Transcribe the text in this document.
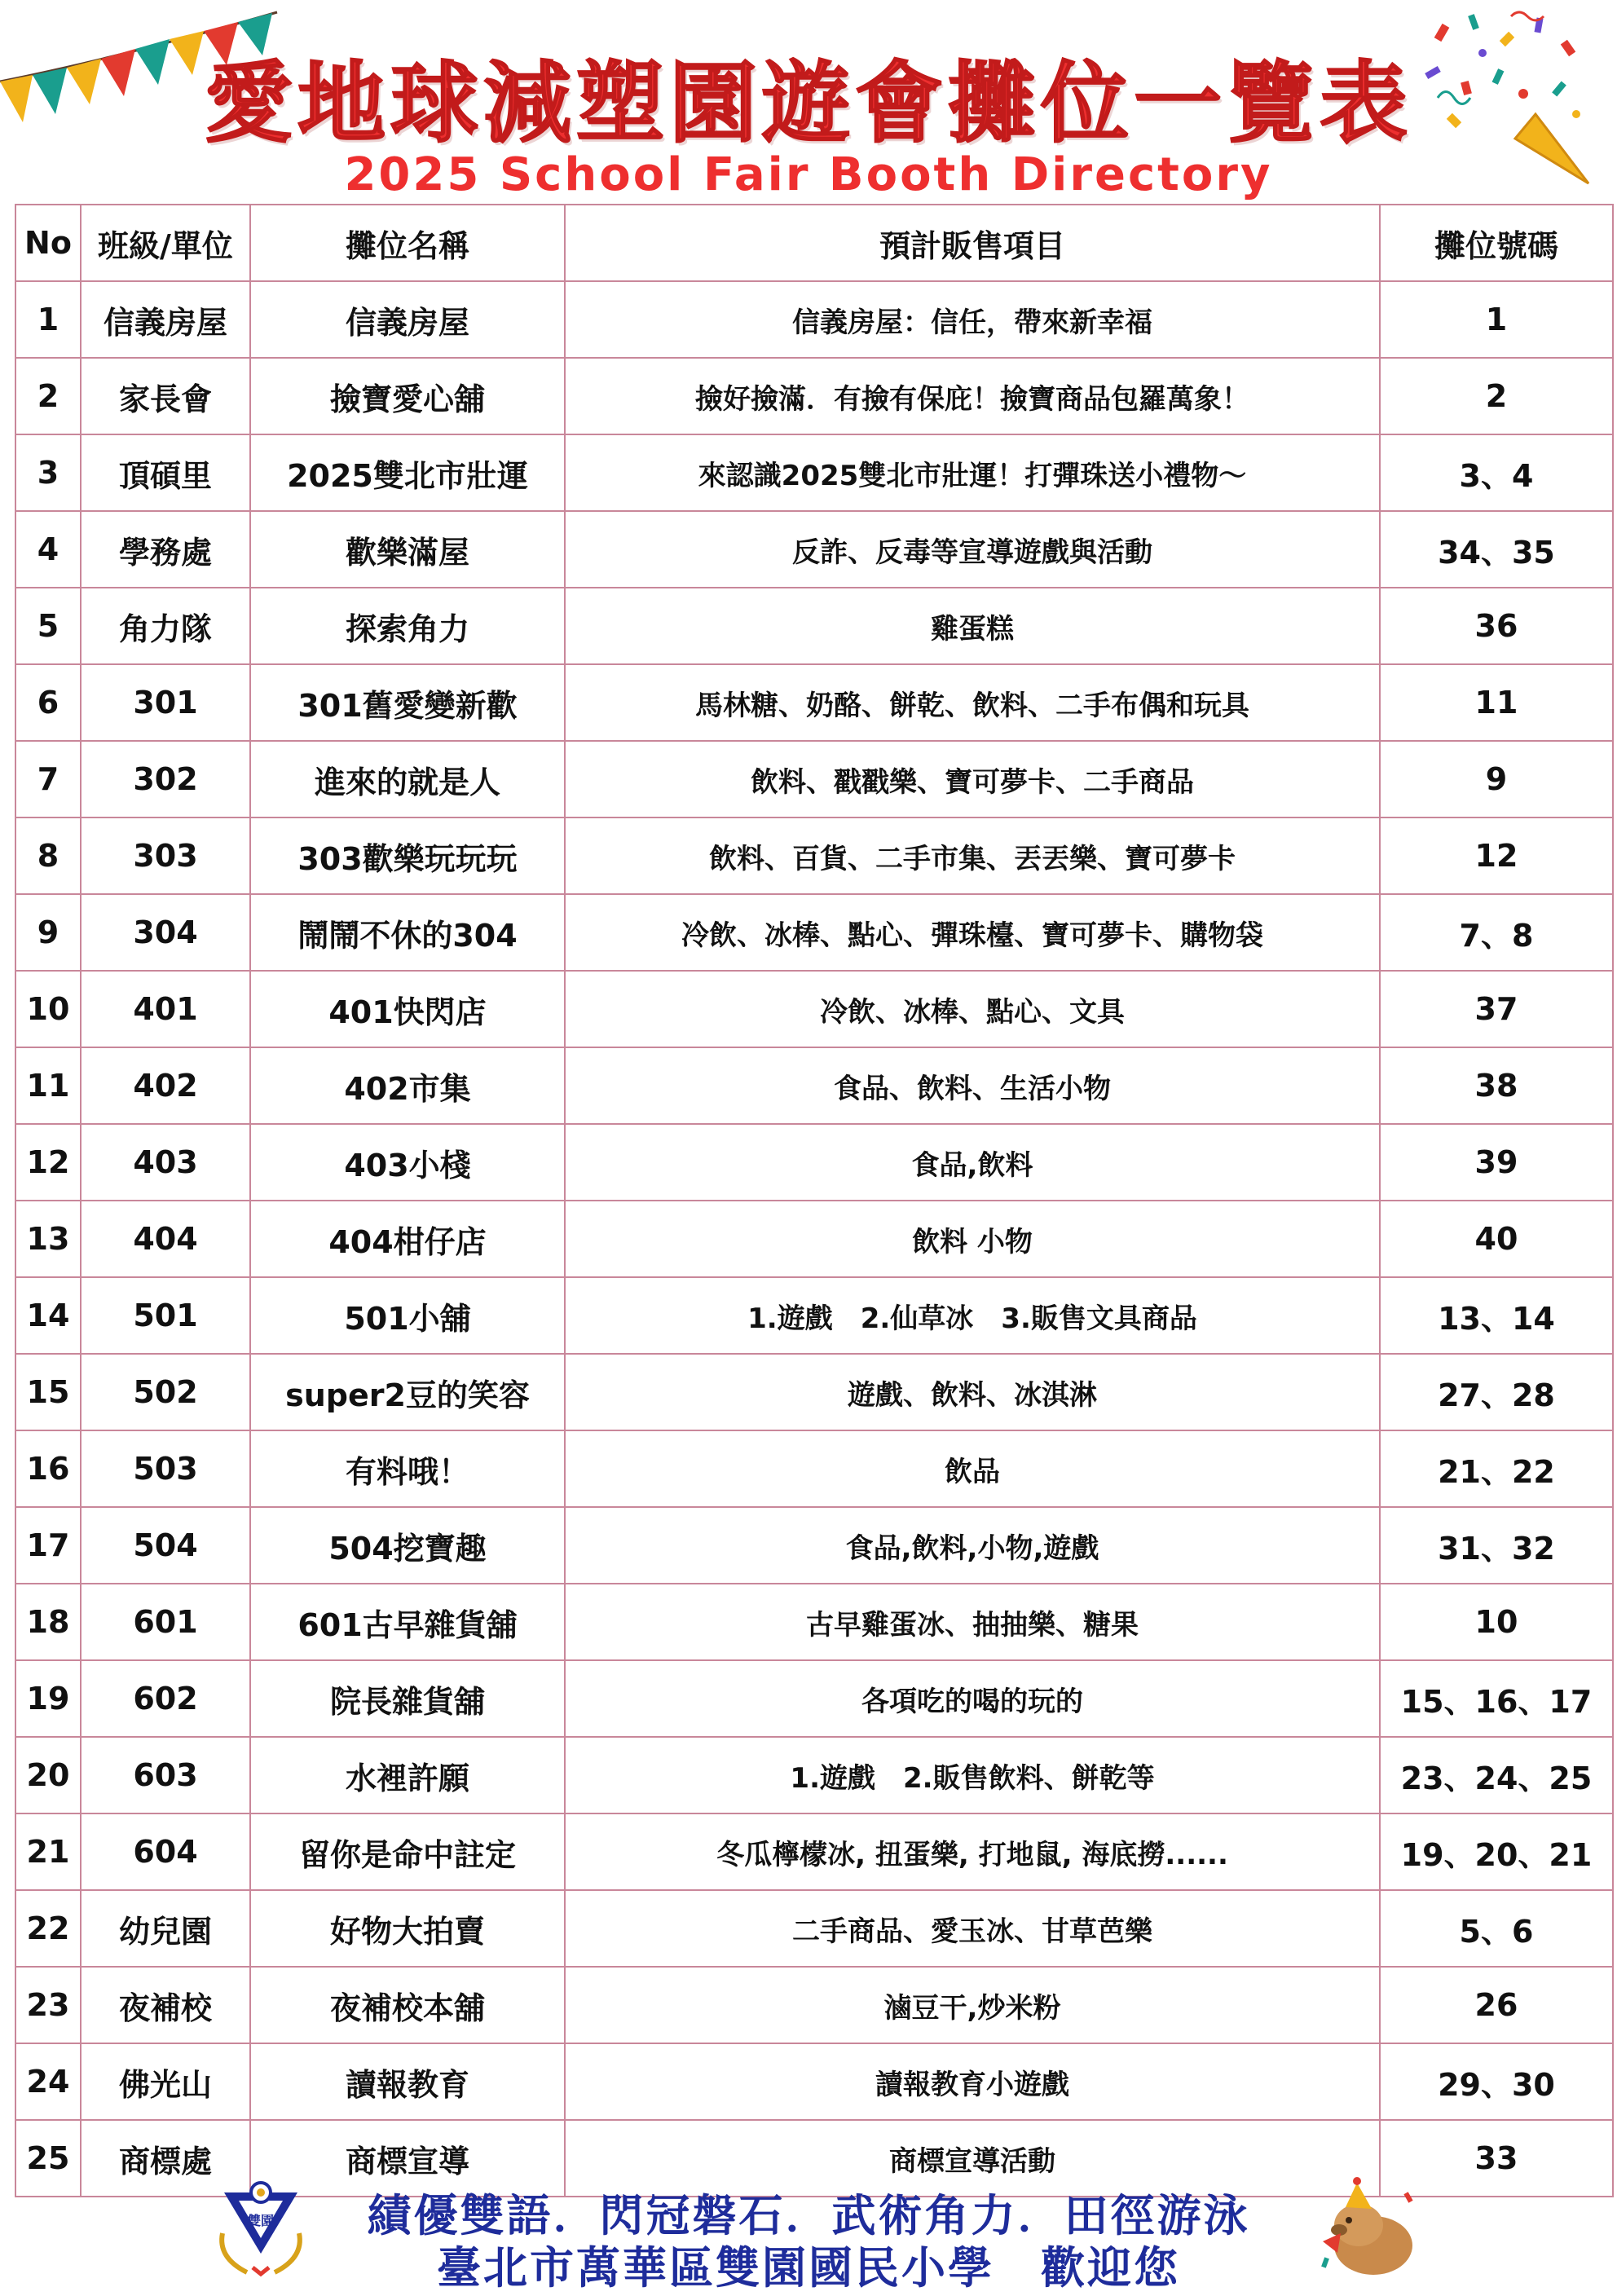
愛地球減塑園遊會攤位一覽表
2025 School Fair Booth Directory
No	班級/單位	攤位名稱	預計販售項目	攤位號碼
1	信義房屋	信義房屋	信義房屋：信任，帶來新幸福	1
2	家長會	撿寶愛心舖	撿好撿滿．有撿有保庇！撿寶商品包羅萬象！	2
3	頂碩里	2025雙北市壯運	來認識2025雙北市壯運！打彈珠送小禮物～	3、4
4	學務處	歡樂滿屋	反詐、反毒等宣導遊戲與活動	34、35
5	角力隊	探索角力	雞蛋糕	36
6	301	301舊愛變新歡	馬林糖、奶酪、餅乾、飲料、二手布偶和玩具	11
7	302	進來的就是人	飲料、戳戳樂、寶可夢卡、二手商品	9
8	303	303歡樂玩玩玩	飲料、百貨、二手市集、丟丟樂、寶可夢卡	12
9	304	鬧鬧不休的304	冷飲、冰棒、點心、彈珠檯、寶可夢卡、購物袋	7、8
10	401	401快閃店	冷飲、冰棒、點心、文具	37
11	402	402市集	食品、飲料、生活小物	38
12	403	403小棧	食品,飲料	39
13	404	404柑仔店	飲料 小物	40
14	501	501小舖	1.遊戲　2.仙草冰　3.販售文具商品	13、14
15	502	super2豆的笑容	遊戲、飲料、冰淇淋	27、28
16	503	有料哦！	飲品	21、22
17	504	504挖寶趣	食品,飲料,小物,遊戲	31、32
18	601	601古早雜貨舖	古早雞蛋冰、抽抽樂、糖果	10
19	602	院長雜貨舖	各項吃的喝的玩的	15、16、17
20	603	水裡許願	1.遊戲　2.販售飲料、餅乾等	23、24、25
21	604	留你是命中註定	冬瓜檸檬冰, 扭蛋樂, 打地鼠, 海底撈......	19、20、21
22	幼兒園	好物大拍賣	二手商品、愛玉冰、甘草芭樂	5、6
23	夜補校	夜補校本舖	滷豆干,炒米粉	26
24	佛光山	讀報教育	讀報教育小遊戲	29、30
25	商標處	商標宣導	商標宣導活動	33
雙園	績優雙語．閃冠磐石．武術角力．田徑游泳
臺北市萬華區雙園國民小學　歡迎您
